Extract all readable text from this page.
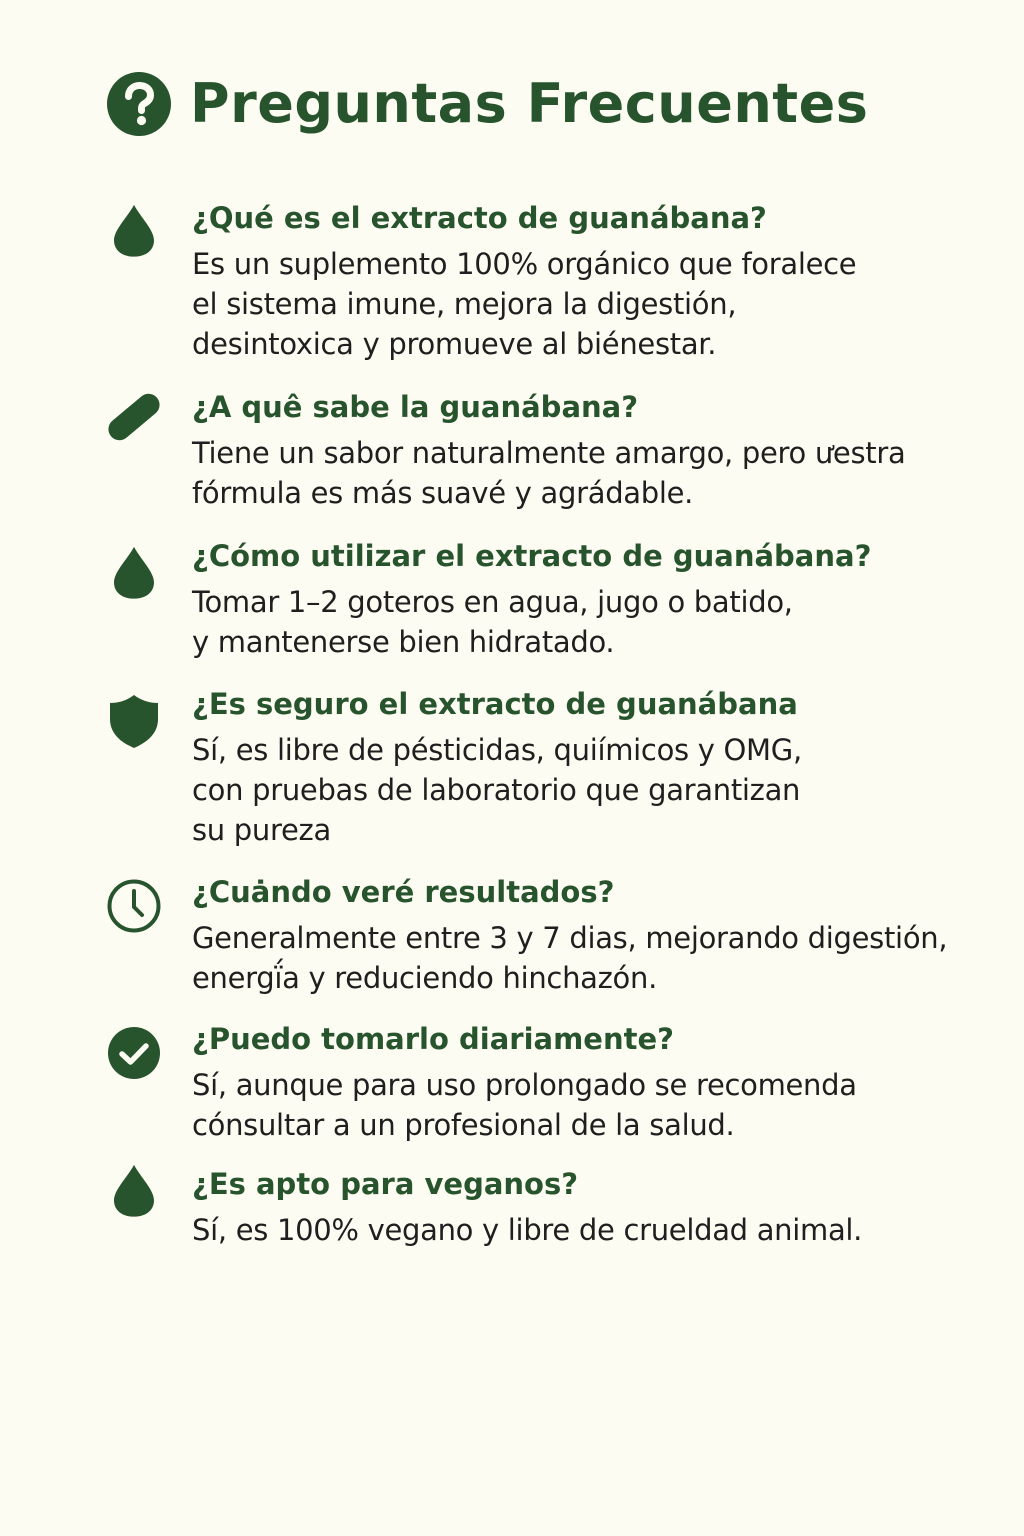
Preguntas Frecuentes
¿Qué es el extracto de guanábana?
Es un suplemento 100% orgánico que foralece
el sistema imune, mejora la digestión,
desintoxica y promueve al biénestar.
¿A quê sabe la guanábana?
Tiene un sabor naturalmente amargo, pero ưestra
fórmula es más suavé y agrádable.
¿Cómo utilizar el extracto de guanábana?
Tomar 1–2 goteros en agua, jugo o batido,
y mantenerse bien hidratado.
¿Es seguro el extracto de guanábana
Sí, es libre de pésticidas, quiímicos y OMG,
con pruebas de laboratorio que garantizan
su pureza
¿Cuȧndo veré resultados?
Generalmente entre 3 y 7 dias, mejorando digestión,
energї́a y reduciendo hinchazón.
¿Puedo tomarlo diariamente?
Sí, aunque para uso prolongado se recomenda
cónsultar a un profesional de la salud.
¿Es apto para veganos?
Sí, es 100% vegano y libre de crueldad animal.
